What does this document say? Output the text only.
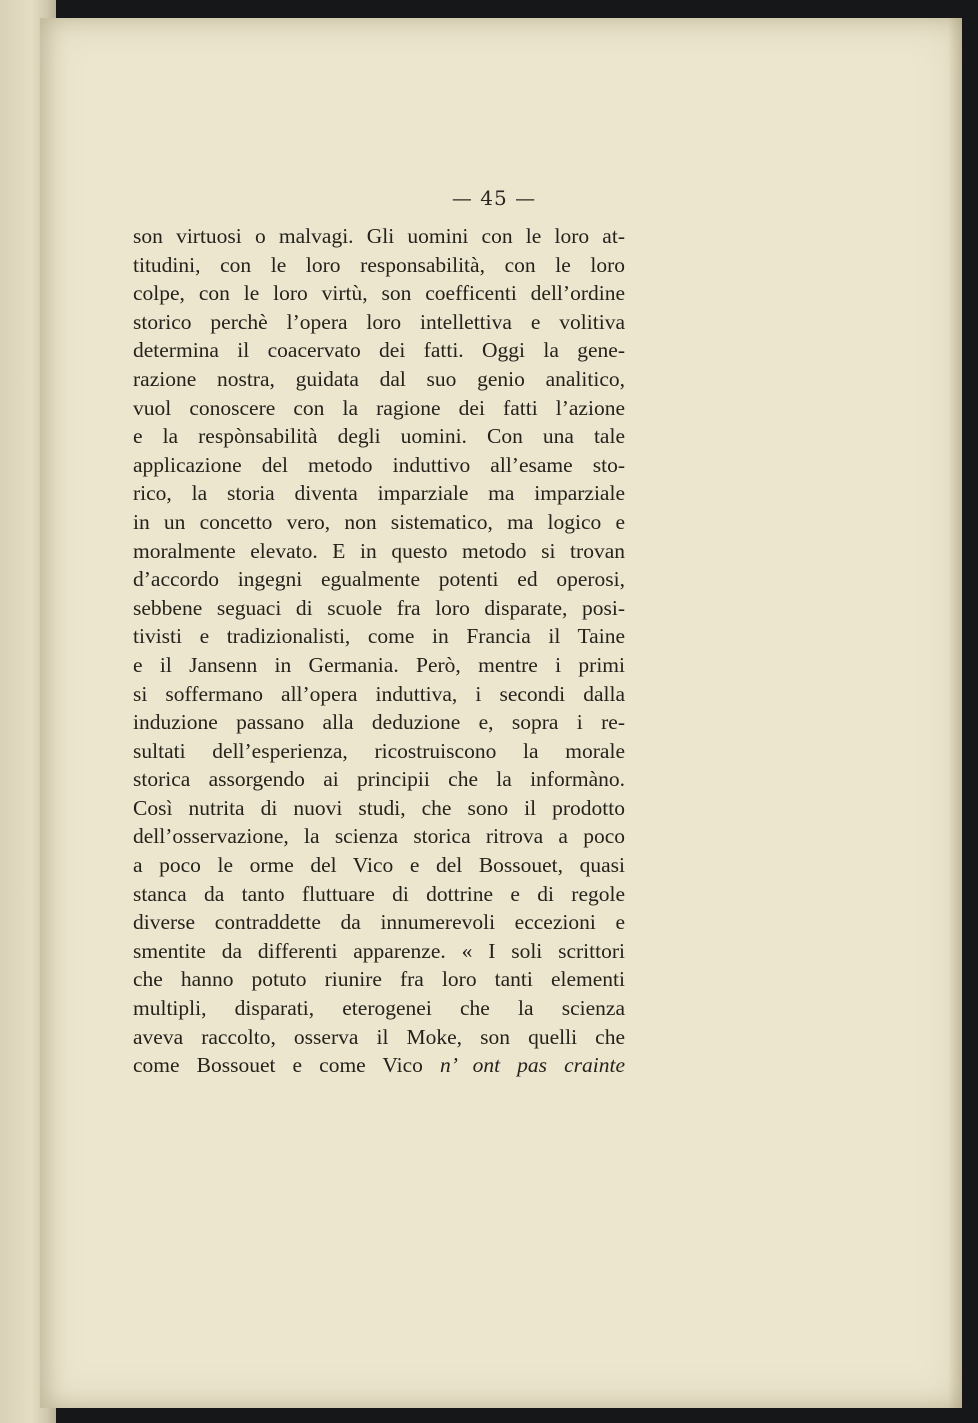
— 45 —
son virtuosi o malvagi. Gli uomini con le loro at-
titudini, con le loro responsabilità, con le loro
colpe, con le loro virtù, son coefficenti dell’ordine
storico perchè l’opera loro intellettiva e volitiva
determina il coacervato dei fatti. Oggi la gene-
razione nostra, guidata dal suo genio analitico,
vuol conoscere con la ragione dei fatti l’azione
e la respònsabilità degli uomini. Con una tale
applicazione del metodo induttivo all’esame sto-
rico, la storia diventa imparziale ma imparziale
in un concetto vero, non sistematico, ma logico e
moralmente elevato. E in questo metodo si trovan
d’accordo ingegni egualmente potenti ed operosi,
sebbene seguaci di scuole fra loro disparate, posi-
tivisti e tradizionalisti, come in Francia il Taine
e il Jansenn in Germania. Però, mentre i primi
si soffermano all’opera induttiva, i secondi dalla
induzione passano alla deduzione e, sopra i re-
sultati dell’esperienza, ricostruiscono la morale
storica assorgendo ai principii che la informàno.
Così nutrita di nuovi studi, che sono il prodotto
dell’osservazione, la scienza storica ritrova a poco
a poco le orme del Vico e del Bossouet, quasi
stanca da tanto fluttuare di dottrine e di regole
diverse contraddette da innumerevoli eccezioni e
smentite da differenti apparenze. « I soli scrittori
che hanno potuto riunire fra loro tanti elementi
multipli, disparati, eterogenei che la scienza
aveva raccolto, osserva il Moke, son quelli che
come Bossouet e come Vico n’ ont pas crainte
